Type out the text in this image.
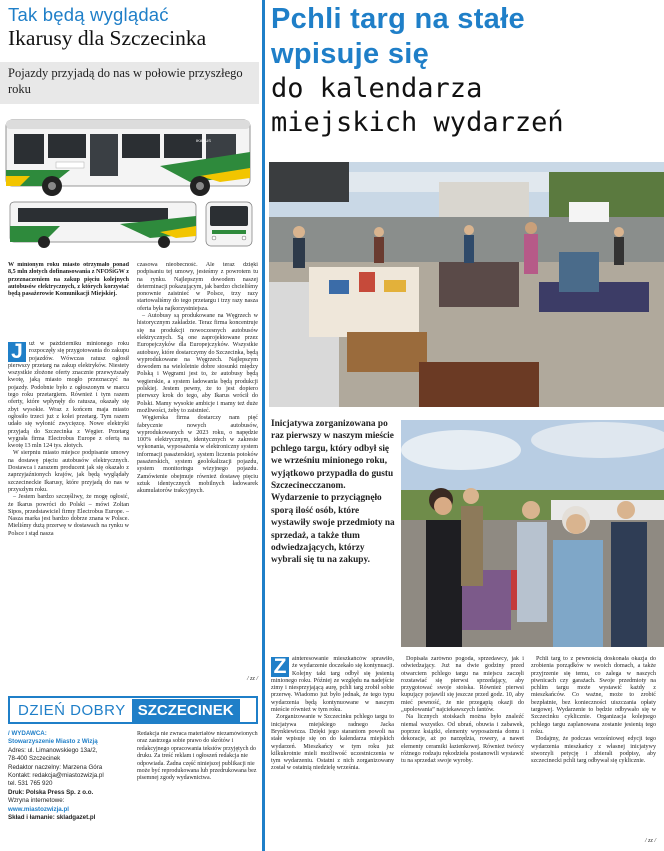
Tak będą wyglądać
Ikarusy dla Szczecinka
Pojazdy przyjadą do nas w połowie przyszłego roku
IKARUS

W minionym roku miasto otrzymało ponad 8,5 mln złotych dofinansowania z NFOŚiGW z przeznaczeniem na zakup pięciu kolejnych autobusów elektrycznych, z których korzystać będą pasażerowie Komunikacji Miejskiej.

J	uż w październiku minionego roku rozpoczęły się przygotowania do zakupu pojazdów. Wówczas ratusz ogłosił pierwszy przetarg na zakup elektryków. Niestety wszystkie złożone oferty znacznie przewyższały kwotę, jaką miasto mogło przeznaczyć na pojazdy. Podobnie było z ogłoszonym w marcu tego roku przetargiem. Również i tym razem oferty, które wpłynęły do ratusza, okazały się zbyt wysokie. Wraz z końcem maja miasto ogłosiło trzeci już z kolei przetarg. Tym razem udało się wyłonić zwycięzcę. Nowe elektryki przyjadą do Szczecinka z Węgier. Przetarg wygrała firma Electrobus Europe z ofertą na kwotę 13 mln 124 tys. złotych.

W sierpniu miasto miejsce podpisanie umowy na dostawę pięciu autobusów elektrycznych. Dostawca i zarazem producent jak się okazało z zaprzyjaźnionych krajów, jak będą wyglądały szczecineckie Ikarusy, które przyjadą do nas w przyszłym roku.

– Jestem bardzo szczęśliwy, że mogę ogłosić, że Ikarus powróci do Polski – mówi Zoltan Sipos, przedstawiciel firmy Electrobus Europe. – Nasza marka jest bardzo dobrze znana w Polsce. Mieliśmy dużą przerwę w dostawach na rynku w Polsce i stąd nasza

czasowa nieobecność. Ale teraz dzięki podpisaniu tej umowy, jesteśmy z powrotem tu na rynku. Najlepszym dowodem naszej determinacji pokazującym, jak bardzo chcieliśmy ponownie zaistnieć w Polsce, trzy razy startowaliśmy do tego przetargu i trzy razy nasza oferta była najkorzystniejsza.

– Autobusy są produkowane na Węgrzech w historycznym zakładzie. Teraz firma koncentruje się na produkcji nowoczesnych autobusów elektrycznych. Są one zaprojektowane przez Europejczyków dla Europejczyków. Wszystkie autobusy, które dostarczymy do Szczecinka, będą wyprodukowane na Węgrzech. Najlepszym dowodem na wieloletnie dobre stosunki między Polską i Węgrami jest to, że autobusy będą węgierskie, a system ładowania będą produkcji polskiej. Jestem pewny, że to jest dopiero pierwszy krok do tego, aby Ikarus wrócił do Polski. Mamy wysokie ambicje i mamy też duże możliwości, żeby to zaistnieć.

Węgierska firma dostarczy nam pięć fabrycznie nowych autobusów, wyprodukowanych w 2023 roku, o napędzie 100% elektrycznym, identycznych w zakresie wykonania, wyposażenia w elektroniczny system informacji pasażerskiej, system liczenia potoków pasażerskich, system geolokalizacji pojazdu, system monitoringu wizyjnego pojazdu. Zamówienie obejmuje również dostawę pięciu sztuk identycznych mobilnych ładowarek akumulatorów trakcyjnych.

/ zz /
DZIEŃ DOBRY SZCZECINEK
/ WYDAWCA:
Stowarzyszenie Miasto z Wizją
Adres: ul. Limanowskiego 13a/2,
78-400 Szczecinek
Redaktor naczelny: Marzena Góra
Kontakt: redakcja@miastozwizja.pl
tel. 531 765 920
Druk: Polska Press Sp. z o.o.
Wzryna internetowe:
www.miastozwizja.pl
Skład i łamanie: skladgazet.pl

Redakcja nie zwraca materiałów niezamówionych oraz zastrzega sobie prawo do skrótów i redakcyjnego opracowania tekstów przyjętych do druku. Za treść reklam i ogłoszeń redakcja nie odpowiada. Żadna część niniejszej publikacji nie może być reprodukowana lub przedrukowana bez pisemnej zgody wydawnictwa.

Pchli targ na stałe
wpisuje się
do kalendarza
miejskich wydarzeń
Inicjatywa zorganizowana po raz pierwszy w naszym mieście pchlego targu, który odbył się we wrześniu minionego roku, wyjątkowo przypadła do gustu Szczecinecczanom. Wydarzenie to przyciągnęło sporą ilość osób, które wystawiły swoje przedmioty na sprzedaż, a także tłum odwiedzających, którzy wybrali się tu na zakupy.
Z ainteresowanie mieszkańców sprawiło, że wydarzenie doczekało się kontynuacji. Kolejny taki targ odbył się jesienią minionego roku. Później ze względu na nadejście zimy i niesprzyjającą aurę, pchli targ zrobił sobie przerwę. Wiadomo już było jednak, że tego typu wydarzenia będą kontynuowane w naszym mieście również w tym roku.

Zorganizowanie w Szczecinku pchlego targu to inicjatywa miejskiego radnego Jacka Brynkiewicza. Dzięki jego staraniom powoli na stałe wpisuje się on do kalendarza miejskich wydarzeń. Mieszkańcy w tym roku już kilkukrotnie mieli możliwość uczestniczenia w tym wydarzeniu. Ostatni z nich zorganizowany został w ostatnią niedzielę września.

Dopisała zarówno pogoda, sprzedawcy, jak i odwiedzający. Już na dwie godziny przed otwarciem pchlego targu na miejscu zaczęli rozstawiać się pierwsi sprzedający, aby przygotować swoje stoiska. Również pierwsi kupujący pojawili się jeszcze przed godz. 10, aby mieć pewność, że nie przegapią okazji do „upolowania” najciekawszych fantów.

Na licznych stoiskach można było znaleźć niemal wszystko. Od ubrań, obuwia i zabawek, poprzez książki, elementy wyposażenia domu i dekoracje, aż po narzędzia, rowery, a nawet elementy ceramiki łazienkowej. Również twórcy różnego rodzaju rękodzieła postanowili wystawić tu na sprzedaż swoje wyroby.

Pchli targ to z pewnością doskonała okazja do zrobienia porządków w swoich domach, a także przyjrzenie się temu, co zalega w naszych piwnicach czy garażach. Swoje przedmioty na pchlim targu może wystawić każdy z mieszkańców. Co ważne, może to zrobić bezpłatnie, bez konieczności uiszczania opłaty targowej. Wydarzenie to będzie odbywało się w Szczecinku cyklicznie. Organizacja kolejnego pchlego targu zaplanowana zostanie jesienią tego roku.

Dodajmy, że podczas wrześniowej edycji tego wydarzenia mieszkańcy z własnej inicjatywy stworzyli petycję i zbierali podpisy, aby szczecinecki pchli targ odbywał się cyklicznie.

/ zz /
